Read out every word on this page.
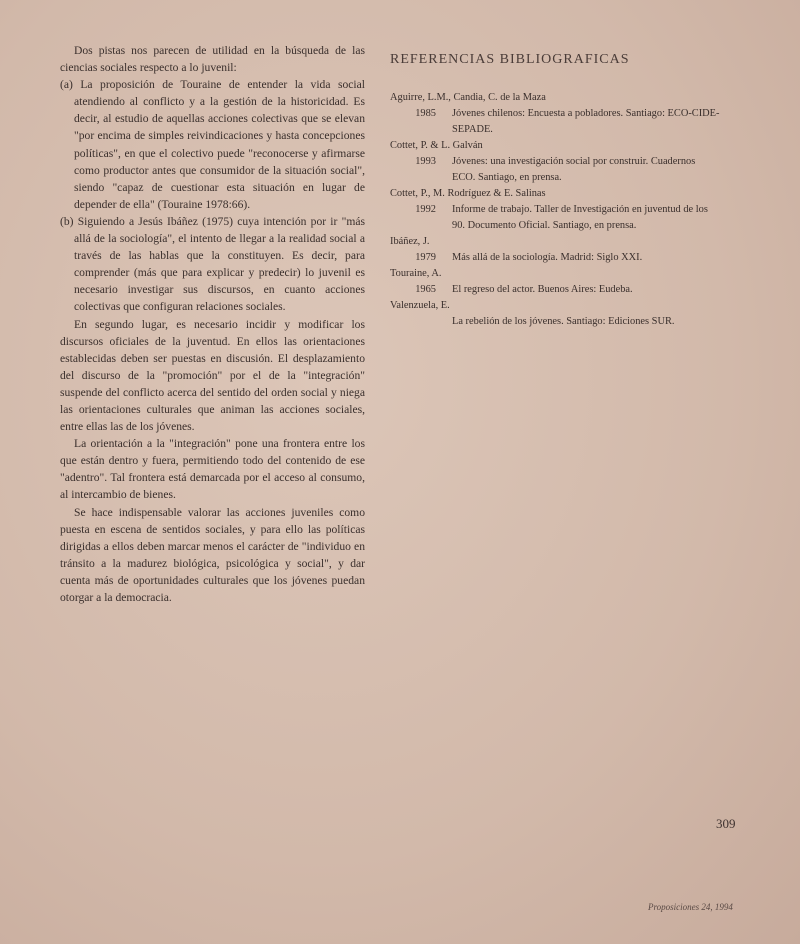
Dos pistas nos parecen de utilidad en la búsqueda de las ciencias sociales respecto a lo juvenil:

(a) La proposición de Touraine de entender la vida social atendiendo al conflicto y a la gestión de la historicidad. Es decir, al estudio de aquellas acciones colectivas que se elevan "por encima de simples reivindicaciones y hasta concepciones políticas", en que el colectivo puede "reconocerse y afirmarse como productor antes que consumidor de la situación social", siendo "capaz de cuestionar esta situación en lugar de depender de ella" (Touraine 1978:66).

(b) Siguiendo a Jesús Ibáñez (1975) cuya intención por ir "más allá de la sociología", el intento de llegar a la realidad social a través de las hablas que la constituyen. Es decir, para comprender (más que para explicar y predecir) lo juvenil es necesario investigar sus discursos, en cuanto acciones colectivas que configuran relaciones sociales.

En segundo lugar, es necesario incidir y modificar los discursos oficiales de la juventud. En ellos las orientaciones establecidas deben ser puestas en discusión. El desplazamiento del discurso de la "promoción" por el de la "integración" suspende del conflicto acerca del sentido del orden social y niega las orientaciones culturales que animan las acciones sociales, entre ellas las de los jóvenes.

La orientación a la "integración" pone una frontera entre los que están dentro y fuera, permitiendo todo del contenido de ese "adentro". Tal frontera está demarcada por el acceso al consumo, al intercambio de bienes.

Se hace indispensable valorar las acciones juveniles como puesta en escena de sentidos sociales, y para ello las políticas dirigidas a ellos deben marcar menos el carácter de "individuo en tránsito a la madurez biológica, psicológica y social", y dar cuenta más de oportunidades culturales que los jóvenes puedan otorgar a la democracia.

REFERENCIAS BIBLIOGRAFICAS

Aguirre, L.M., Candia, C. de la Maza

1985	Jóvenes chilenos: Encuesta a pobladores. Santiago: ECO-CIDE-SEPADE.

Cottet, P. & L. Galván

1993	Jóvenes: una investigación social por construir. Cuadernos ECO. Santiago, en prensa.

Cottet, P., M. Rodríguez & E. Salinas

1992	Informe de trabajo. Taller de Investigación en juventud de los 90. Documento Oficial. Santiago, en prensa.

Ibáñez, J.

1979	Más allá de la sociología. Madrid: Siglo XXI.

Touraine, A.

1965	El regreso del actor. Buenos Aires: Eudeba.

Valenzuela, E.

La rebelión de los jóvenes. Santiago: Ediciones SUR.
309
Proposiciones 24, 1994
